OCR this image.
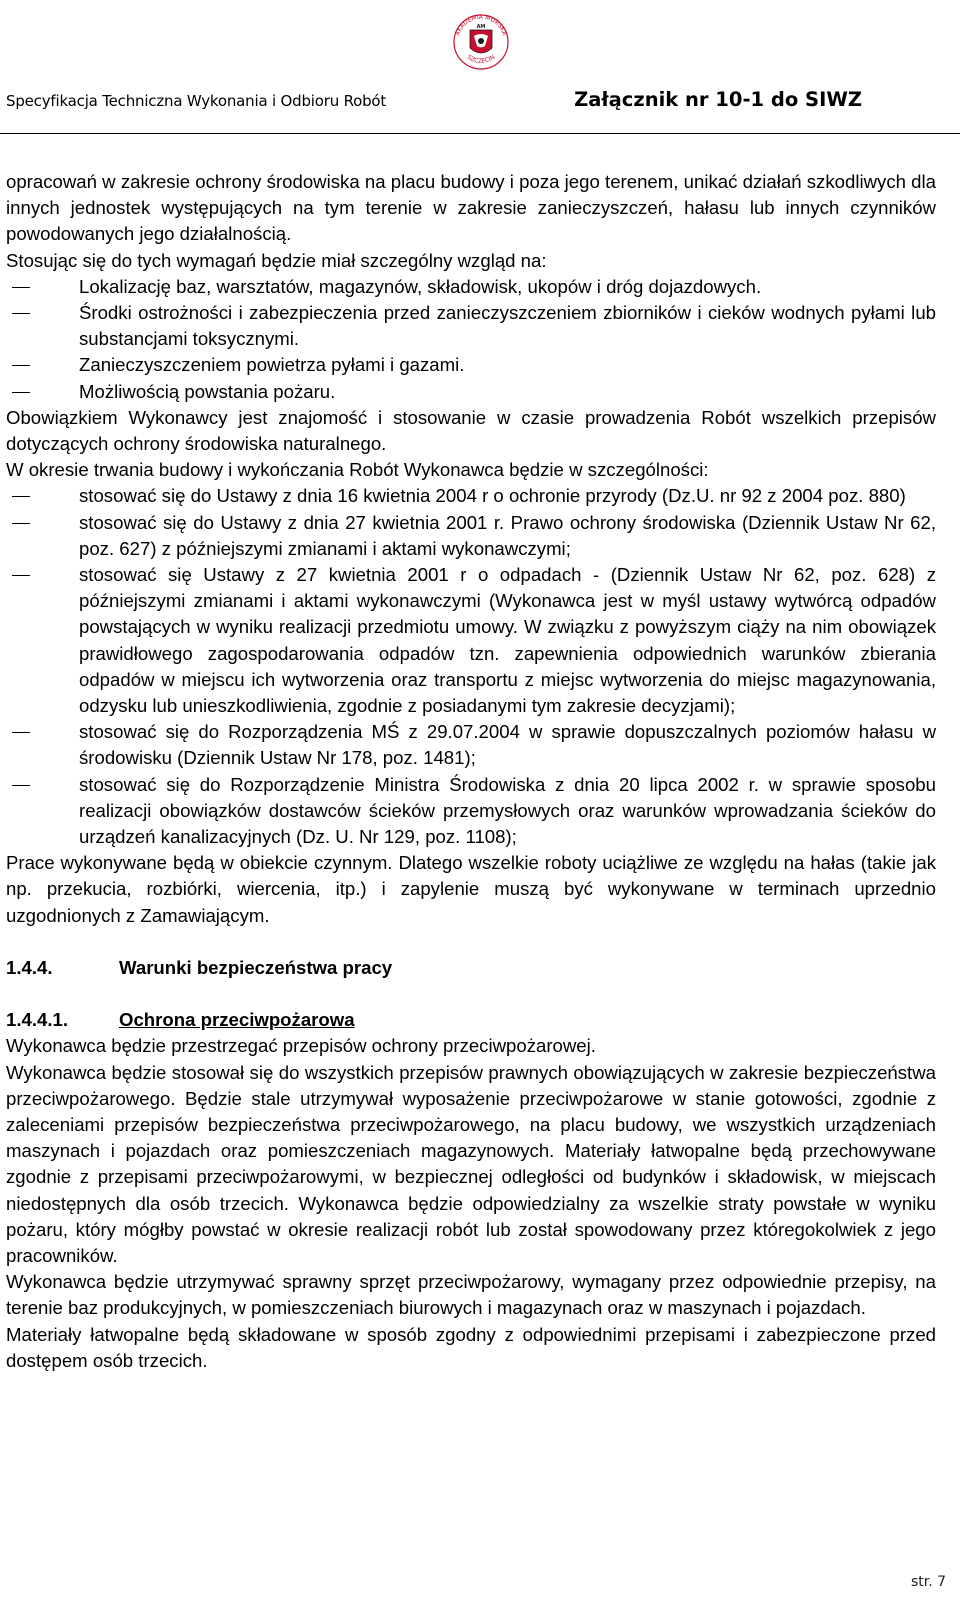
AKADEMIA MORSKA
SZCZECIN
AM
Specyfikacja Techniczna Wykonania i Odbioru Robót	Załącznik nr 10-1 do SIWZ

opracowań w zakresie ochrony środowiska na placu budowy i poza jego terenem, unikać działań szkodliwych dla innych jednostek występujących na tym terenie w zakresie zanieczyszczeń, hałasu lub innych czynników powodowanych jego działalnością.

Stosując się do tych wymagań będzie miał szczególny wzgląd na:

Lokalizację baz, warsztatów, magazynów, składowisk, ukopów i dróg dojazdowych.

Środki ostrożności i zabezpieczenia przed zanieczyszczeniem zbiorników i cieków wodnych pyłami lub substancjami toksycznymi.

Zanieczyszczeniem powietrza pyłami i gazami.

Możliwością powstania pożaru.

Obowiązkiem Wykonawcy jest znajomość i stosowanie w czasie prowadzenia Robót wszelkich przepisów dotyczących ochrony środowiska naturalnego.

W okresie trwania budowy i wykończania Robót Wykonawca będzie w szczególności:

stosować się do Ustawy z dnia 16 kwietnia 2004 r o ochronie przyrody (Dz.U. nr 92 z 2004 poz. 880)

stosować się do Ustawy z dnia 27 kwietnia 2001 r. Prawo ochrony środowiska (Dziennik Ustaw Nr 62, poz. 627) z późniejszymi zmianami i aktami wykonawczymi;

stosować się Ustawy z 27 kwietnia 2001 r o odpadach - (Dziennik Ustaw Nr 62, poz. 628) z późniejszymi zmianami i aktami wykonawczymi (Wykonawca jest w myśl ustawy wytwórcą odpadów powstających w wyniku realizacji przedmiotu umowy. W związku z powyższym ciąży na nim obowiązek prawidłowego zagospodarowania odpadów tzn. zapewnienia odpowiednich warunków zbierania odpadów w miejscu ich wytworzenia oraz transportu z miejsc wytworzenia do miejsc magazynowania, odzysku lub unieszkodliwienia, zgodnie z posiadanymi tym zakresie decyzjami);

stosować się do Rozporządzenia MŚ z 29.07.2004 w sprawie dopuszczalnych poziomów hałasu w środowisku (Dziennik Ustaw Nr 178, poz. 1481);

stosować się do Rozporządzenie Ministra Środowiska z dnia 20 lipca 2002 r. w sprawie sposobu realizacji obowiązków dostawców ścieków przemysłowych oraz warunków wprowadzania ścieków do urządzeń kanalizacyjnych (Dz. U. Nr 129, poz. 1108);

Prace wykonywane będą w obiekcie czynnym. Dlatego wszelkie roboty uciążliwe ze względu na hałas (takie jak np. przekucia, rozbiórki, wiercenia, itp.) i zapylenie muszą być wykonywane w terminach uprzednio uzgodnionych z Zamawiającym.

1.4.4.	Warunki bezpieczeństwa pracy

1.4.4.1.	Ochrona przeciwpożarowa

Wykonawca będzie przestrzegać przepisów ochrony przeciwpożarowej.

Wykonawca będzie stosował się do wszystkich przepisów prawnych obowiązujących w zakresie bezpieczeństwa przeciwpożarowego. Będzie stale utrzymywał wyposażenie przeciwpożarowe w stanie gotowości, zgodnie z zaleceniami przepisów bezpieczeństwa przeciwpożarowego, na placu budowy, we wszystkich urządzeniach maszynach i pojazdach oraz pomieszczeniach magazynowych. Materiały łatwopalne będą przechowywane zgodnie z przepisami przeciwpożarowymi, w bezpiecznej odległości od budynków i składowisk, w miejscach niedostępnych dla osób trzecich. Wykonawca będzie odpowiedzialny za wszelkie straty powstałe w wyniku pożaru, który mógłby powstać w okresie realizacji robót lub został spowodowany przez któregokolwiek z jego pracowników.

Wykonawca będzie utrzymywać sprawny sprzęt przeciwpożarowy, wymagany przez odpowiednie przepisy, na terenie baz produkcyjnych, w pomieszczeniach biurowych i magazynach oraz w maszynach i pojazdach.

Materiały łatwopalne będą składowane w sposób zgodny z odpowiednimi przepisami i zabezpieczone przed dostępem osób trzecich.

str. 7
